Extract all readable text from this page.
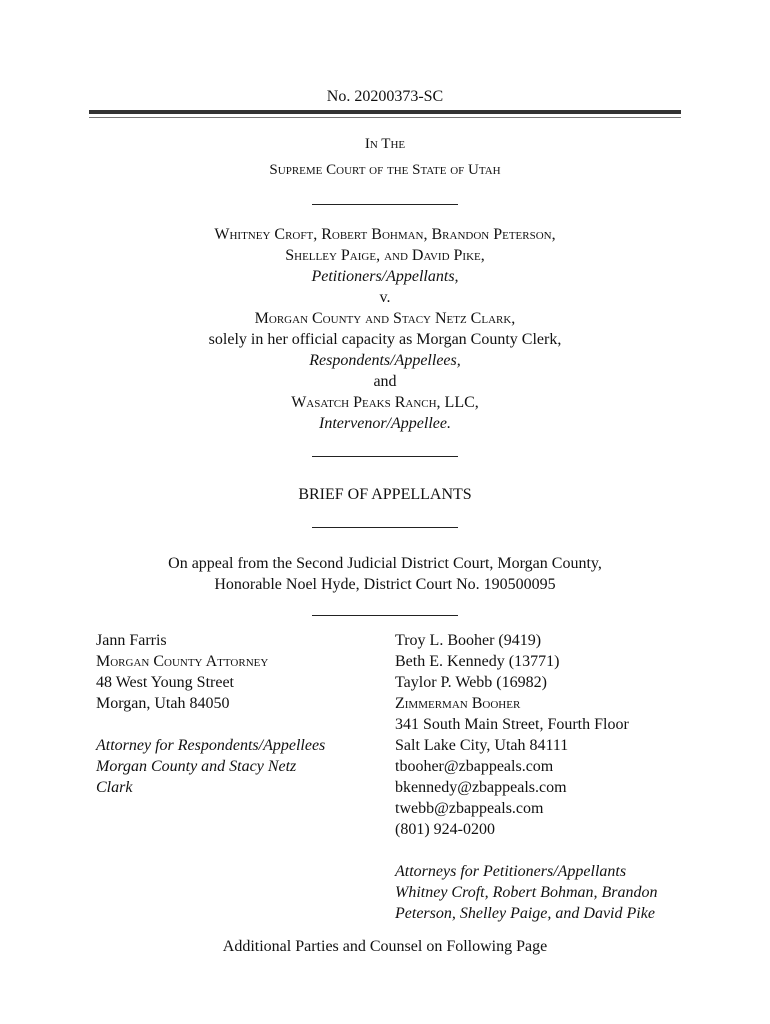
No. 20200373-SC
In The
Supreme Court of the State of Utah
Whitney Croft, Robert Bohman, Brandon Peterson,
Shelley Paige, and David Pike,
Petitioners/Appellants,
v.
Morgan County and Stacy Netz Clark,
solely in her official capacity as Morgan County Clerk,
Respondents/Appellees,
and
Wasatch Peaks Ranch, LLC,
Intervenor/Appellee.
BRIEF OF APPELLANTS
On appeal from the Second Judicial District Court, Morgan County,
Honorable Noel Hyde, District Court No. 190500095
Jann Farris
Morgan County Attorney
48 West Young Street
Morgan, Utah 84050
Attorney for Respondents/Appellees
Morgan County and Stacy Netz
Clark
Troy L. Booher (9419)
Beth E. Kennedy (13771)
Taylor P. Webb (16982)
Zimmerman Booher
341 South Main Street, Fourth Floor
Salt Lake City, Utah 84111
tbooher@zbappeals.com
bkennedy@zbappeals.com
twebb@zbappeals.com
(801) 924-0200
Attorneys for Petitioners/Appellants
Whitney Croft, Robert Bohman, Brandon
Peterson, Shelley Paige, and David Pike
Additional Parties and Counsel on Following Page
